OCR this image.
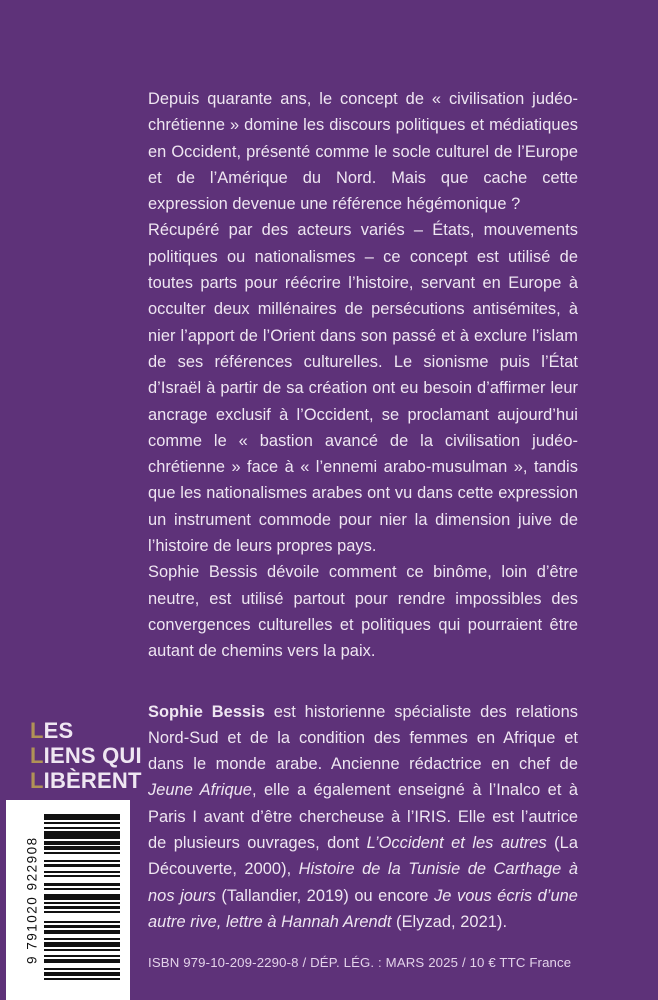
Depuis quarante ans, le concept de « civilisation judéo-chrétienne » domine les discours politiques et médiatiques en Occident, présenté comme le socle culturel de l’Europe et de l’Amérique du Nord. Mais que cache cette expression devenue une référence hégémonique ?

Récupéré par des acteurs variés – États, mouvements politiques ou nationalismes – ce concept est utilisé de toutes parts pour réécrire l’histoire, servant en Europe à occulter deux millénaires de persécutions antisémites, à nier l’apport de l’Orient dans son passé et à exclure l’islam de ses références culturelles. Le sionisme puis l’État d’Israël à partir de sa création ont eu besoin d’affirmer leur ancrage exclusif à l’Occident, se proclamant aujourd’hui comme le « bastion avancé de la civilisation judéo-chrétienne » face à « l’ennemi arabo-musulman », tandis que les nationalismes arabes ont vu dans cette expression un instrument commode pour nier la dimension juive de l’histoire de leurs propres pays.

Sophie Bessis dévoile comment ce binôme, loin d’être neutre, est utilisé partout pour rendre impossibles des convergences culturelles et politiques qui pourraient être autant de chemins vers la paix.

Sophie Bessis est historienne spécialiste des relations Nord-Sud et de la condition des femmes en Afrique et dans le monde arabe. Ancienne rédactrice en chef de Jeune Afrique, elle a également enseigné à l’Inalco et à Paris I avant d’être chercheuse à l’IRIS. Elle est l’autrice de plusieurs ouvrages, dont L’Occident et les autres (La Découverte, 2000), Histoire de la Tunisie de Carthage à nos jours (Tallandier, 2019) ou encore Je vous écris d’une autre rive, lettre à Hannah Arendt (Elyzad, 2021).

LES
LIENS QUI
LIBÈRENT
9 791020 922908	ISBN 979-10-209-2290-8 / DÉP. LÉG. : MARS 2025 / 10 € TTC France
